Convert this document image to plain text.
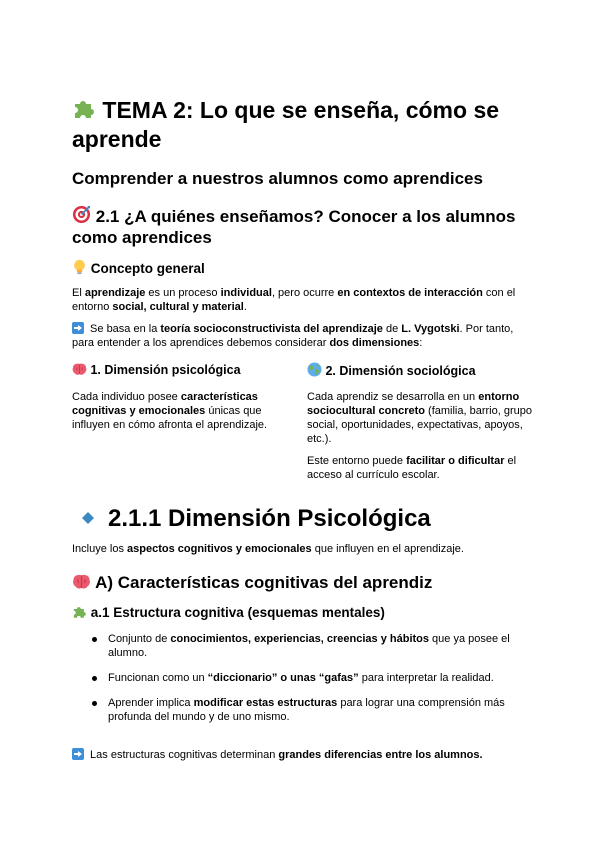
TEMA 2: Lo que se enseña, cómo se aprende
Comprender a nuestros alumnos como aprendices
2.1 ¿A quiénes enseñamos? Conocer a los alumnos como aprendices
Concepto general

El aprendizaje es un proceso individual, pero ocurre en contextos de interacción con el entorno social, cultural y material.

Se basa en la teoría socioconstructivista del aprendizaje de L. Vygotski. Por tanto, para entender a los aprendices debemos considerar dos dimensiones:

1. Dimensión psicológica

Cada individuo posee características cognitivas y emocionales únicas que influyen en cómo afronta el aprendizaje.

2. Dimensión sociológica

Cada aprendiz se desarrolla en un entorno sociocultural concreto (familia, barrio, grupo social, oportunidades, expectativas, apoyos, etc.).

Este entorno puede facilitar o dificultar el acceso al currículo escolar.

2.1.1 Dimensión Psicológica

Incluye los aspectos cognitivos y emocionales que influyen en el aprendizaje.

A) Características cognitivas del aprendiz
a.1 Estructura cognitiva (esquemas mentales)
Conjunto de conocimientos, experiencias, creencias y hábitos que ya posee el alumno.
Funcionan como un “diccionario” o unas “gafas” para interpretar la realidad.
Aprender implica modificar estas estructuras para lograr una comprensión más profunda del mundo y de uno mismo.

Las estructuras cognitivas determinan grandes diferencias entre los alumnos.
